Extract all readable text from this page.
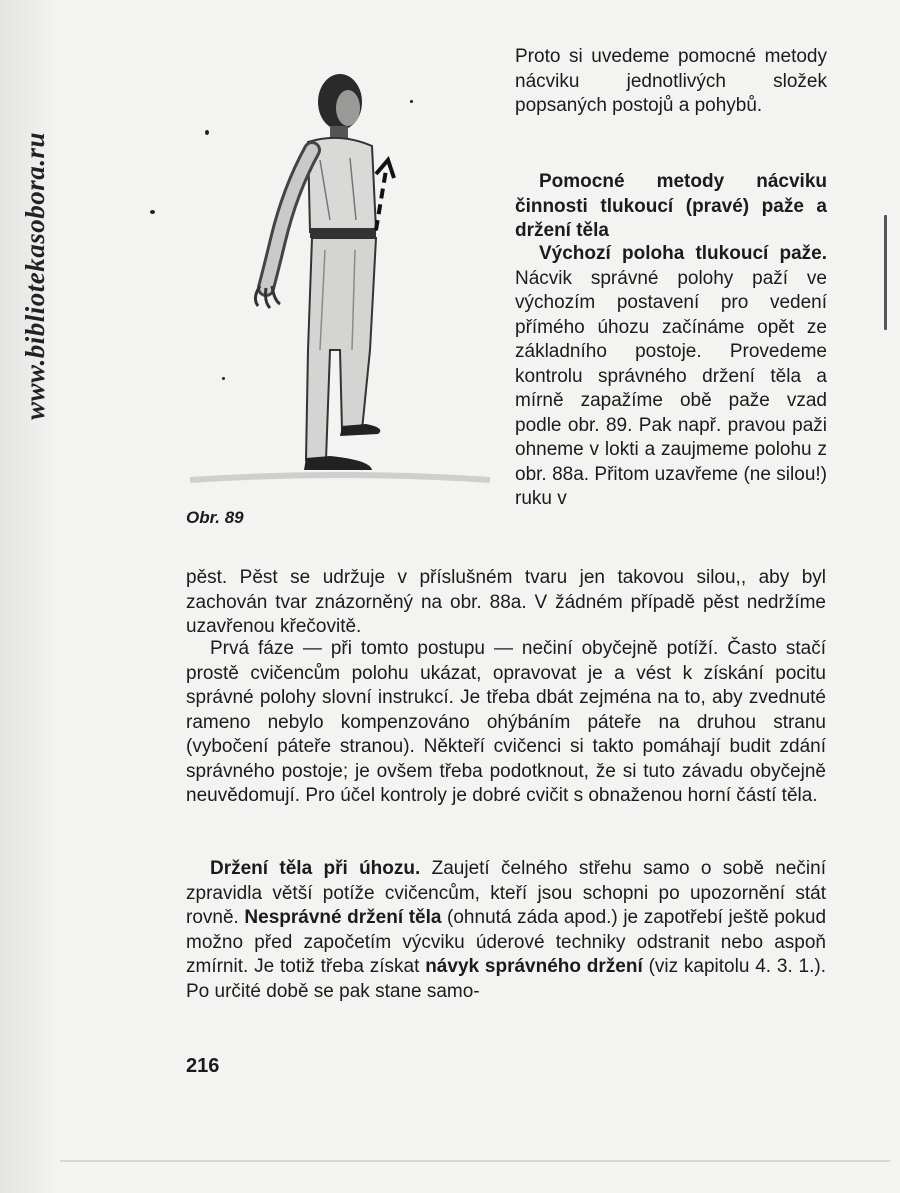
www.bibliotekasobora.ru
Obr. 89

Proto si uvedeme pomocné metody nácviku jednotlivých složek popsaných postojů a pohybů.

Pomocné metody nácviku činnosti tlukoucí (pravé) paže a držení těla

Výchozí poloha tlukoucí paže. Nácvik správné polohy paží ve výchozím postavení pro vedení přímého úhozu začínáme opět ze základního postoje. Provedeme kontrolu správného držení těla a mírně zapažíme obě paže vzad podle obr. 89. Pak např. pravou paži ohneme v lokti a zaujmeme polohu z obr. 88a. Přitom uzavřeme (ne silou!) ruku v

pěst. Pěst se udržuje v příslušném tvaru jen takovou silou,, aby byl zachován tvar znázorněný na obr. 88a. V žádném případě pěst nedržíme uzavřenou křečovitě.

Prvá fáze — při tomto postupu — nečiní obyčejně potíží. Často stačí prostě cvičencům polohu ukázat, opravovat je a vést k získání pocitu správné polohy slovní instrukcí. Je třeba dbát zejména na to, aby zvednuté rameno nebylo kompenzováno ohýbáním páteře na druhou stranu (vybočení páteře stranou). Někteří cvičenci si takto pomáhají budit zdání správného postoje; je ovšem třeba podotknout, že si tuto závadu obyčejně neuvědomují. Pro účel kontroly je dobré cvičit s obnaženou horní částí těla.

Držení těla při úhozu. Zaujetí čelného střehu samo o sobě nečiní zpravidla větší potíže cvičencům, kteří jsou schopni po upozornění stát rovně. Nesprávné držení těla (ohnutá záda apod.) je zapotřebí ještě pokud možno před započetím výcviku úderové techniky odstranit nebo aspoň zmírnit. Je totiž třeba získat návyk správného držení (viz kapitolu 4. 3. 1.). Po určité době se pak stane samo-

216
